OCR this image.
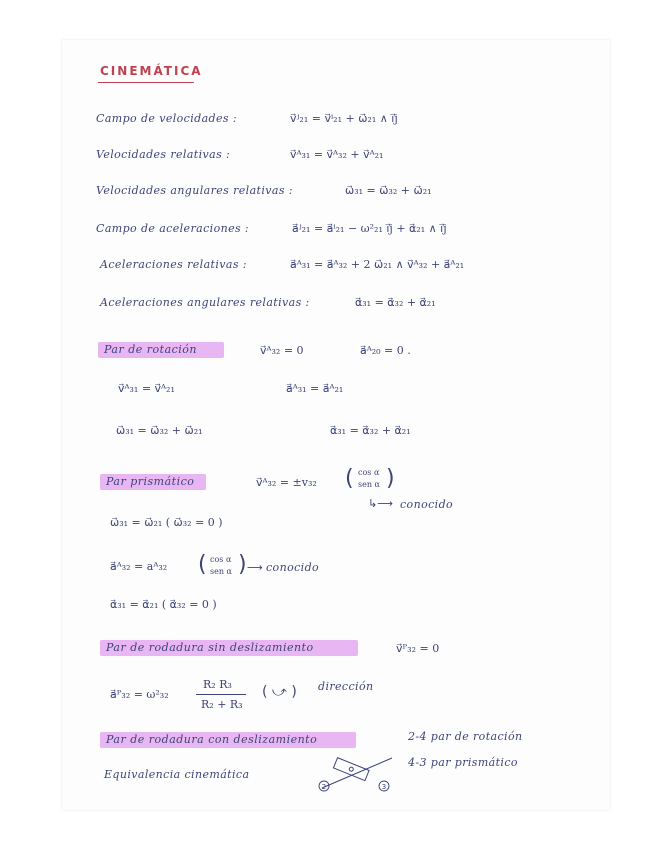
CINEMÁTICA
Campo de velocidades :	v⃗ʲ₂₁ = v⃗ⁱ₂₁ + ω⃗₂₁ ∧ i⃗j
Velocidades relativas :	v⃗ᴬ₃₁ = v⃗ᴬ₃₂ + v⃗ᴬ₂₁
Velocidades angulares relativas :	ω⃗₃₁ = ω⃗₃₂ + ω⃗₂₁
Campo de aceleraciones :	a⃗ʲ₂₁ = a⃗ⁱ₂₁ − ω²₂₁ i⃗j + α⃗₂₁ ∧ i⃗j
Aceleraciones relativas :	a⃗ᴬ₃₁ = a⃗ᴬ₃₂ + 2 ω⃗₂₁ ∧ v⃗ᴬ₃₂ + a⃗ᴬ₂₁
Aceleraciones angulares relativas :	α⃗₃₁ = α⃗₃₂ + α⃗₂₁
Par de rotación	v⃗ᴬ₃₂ = 0	a⃗ᴬ₂₀ = 0 .
v⃗ᴬ₃₁ = v⃗ᴬ₂₁	a⃗ᴬ₃₁ = a⃗ᴬ₂₁
ω⃗₃₁ = ω⃗₃₂ + ω⃗₂₁	α⃗₃₁ = α⃗₃₂ + α⃗₂₁
Par prismático	v⃗ᴬ₃₂ = ±v₃₂ ( cos α
sen α )
↳⟶ conocido
ω⃗₃₁ = ω⃗₂₁ ( ω⃗₃₂ = 0 )
a⃗ᴬ₃₂ = aᴬ₃₂ ( cos α
sen α ) ⟶ conocido
α⃗₃₁ = α⃗₂₁ ( α⃗₃₂ = 0 )
Par de rodadura sin deslizamiento	v⃗ᴾ₃₂ = 0
a⃗ᴾ₃₂ = ω²₃₂
R₂ R₃
R₂ + R₃
( ⤻ ) dirección
Par de rodadura con deslizamiento	2-4 par de rotación
4-3 par prismático
Equivalencia cinemática
2	3
